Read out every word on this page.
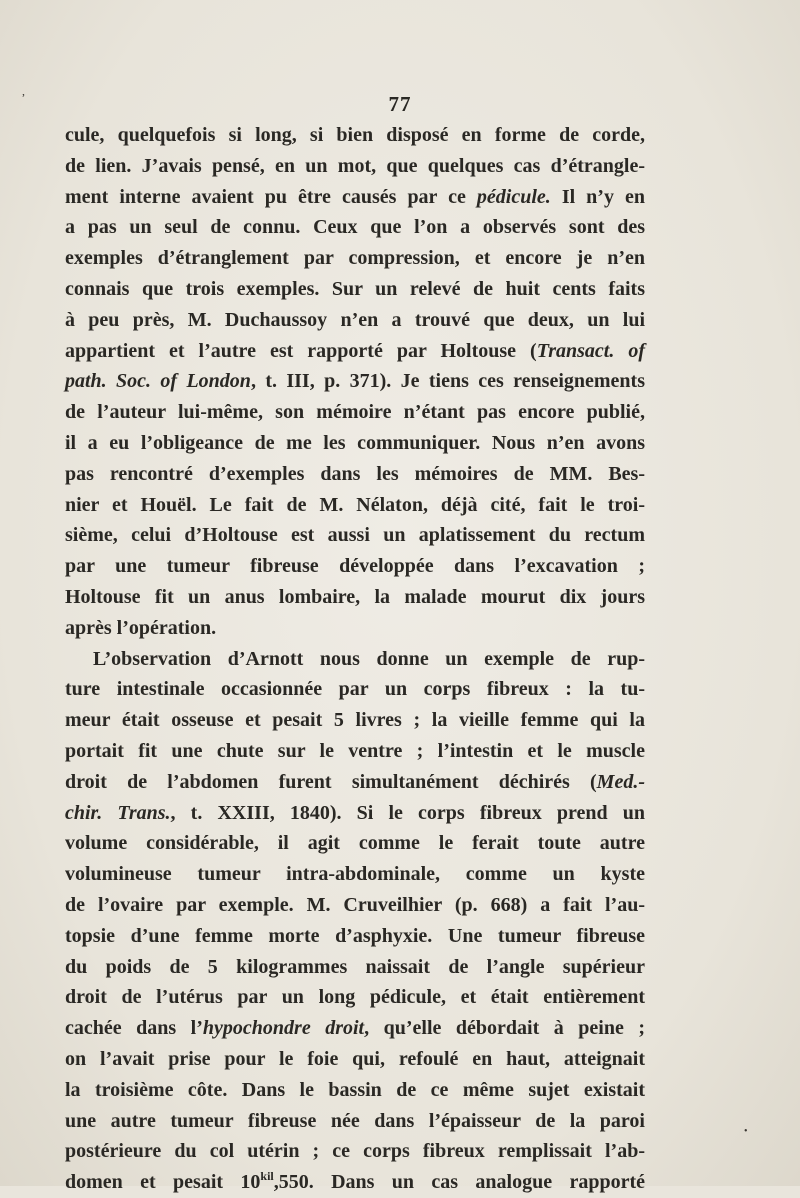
,
•
77
cule, quelquefois si long, si bien disposé en forme de corde,
de lien. J’avais pensé, en un mot, que quelques cas d’étrangle-
ment interne avaient pu être causés par ce pédicule. Il n’y en
a pas un seul de connu. Ceux que l’on a observés sont des
exemples d’étranglement par compression, et encore je n’en
connais que trois exemples. Sur un relevé de huit cents faits
à peu près, M. Duchaussoy n’en a trouvé que deux, un lui
appartient et l’autre est rapporté par Holtouse (Transact. of
path. Soc. of London, t. III, p. 371). Je tiens ces renseignements
de l’auteur lui-même, son mémoire n’étant pas encore publié,
il a eu l’obligeance de me les communiquer. Nous n’en avons
pas rencontré d’exemples dans les mémoires de MM. Bes-
nier et Houël. Le fait de M. Nélaton, déjà cité, fait le troi-
sième, celui d’Holtouse est aussi un aplatissement du rectum
par une tumeur fibreuse développée dans l’excavation ;
Holtouse fit un anus lombaire, la malade mourut dix jours
après l’opération.
L’observation d’Arnott nous donne un exemple de rup-
ture intestinale occasionnée par un corps fibreux : la tu-
meur était osseuse et pesait 5 livres ; la vieille femme qui la
portait fit une chute sur le ventre ; l’intestin et le muscle
droit de l’abdomen furent simultanément déchirés (Med.-
chir. Trans., t. XXIII, 1840). Si le corps fibreux prend un
volume considérable, il agit comme le ferait toute autre
volumineuse tumeur intra-abdominale, comme un kyste
de l’ovaire par exemple. M. Cruveilhier (p. 668) a fait l’au-
topsie d’une femme morte d’asphyxie. Une tumeur fibreuse
du poids de 5 kilogrammes naissait de l’angle supérieur
droit de l’utérus par un long pédicule, et était entièrement
cachée dans l’hypochondre droit, qu’elle débordait à peine ;
on l’avait prise pour le foie qui, refoulé en haut, atteignait
la troisième côte. Dans le bassin de ce même sujet existait
une autre tumeur fibreuse née dans l’épaisseur de la paroi
postérieure du col utérin ; ce corps fibreux remplissait l’ab-
domen et pesait $10^{kil},550$. Dans un cas analogue rapporté
